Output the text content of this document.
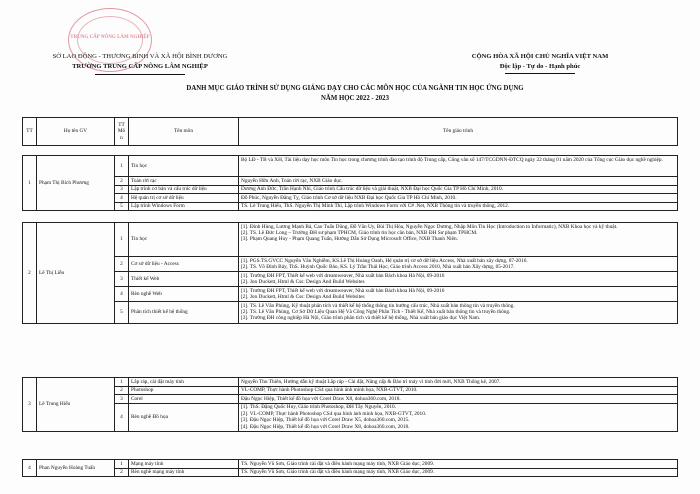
TRUNG CẤP NÔNG LÂM NGHIỆP
SỞ LAO ĐỘNG - THƯƠNG BINH VÀ XÃ HỘI BÌNH DƯƠNG
TRƯỜNG TRUNG CẤP NÔNG LÂM NGHIỆP
CỘNG HÒA XÃ HỘI CHỦ NGHĨA VIỆT NAM
Độc lập - Tự do - Hạnh phúc
DANH MỤC GIÁO TRÌNH SỬ DỤNG GIẢNG DẠY CHO CÁC MÔN HỌC CỦA NGÀNH TIN HỌC ỨNG DỤNG
NĂM HỌC 2022 - 2023
TT	Họ tên GV	TT Mô n	Tên môn	Tên giáo trình
1	Phạm Thị Bích Phương	1	Tin học	Bộ LĐ - TB và XH, Tài liệu dạy học môn Tin học trong chương trình đào tạo trình độ Trung cấp, Công văn số 147/TCGDNN-ĐTCQ ngày 22 tháng 01 năm 2020 của Tổng cục Giáo dục nghề nghiệp.
		2	Toán rời rạc	Nguyễn Hữu Anh, Toán rời rạc, NXB Giáo dục.
		3	Lập trình cơ bản và cấu trúc dữ liệu	Dương Anh Đức, Trần Hạnh Nhi, Giáo trình Cấu trúc dữ liệu và giải thuật, NXB Đại học Quốc Gia TP Hồ Chí Minh, 2010.
		4	Hệ quản trị cơ sở dữ liệu	Đỗ Phúc, Nguyễn Đăng Tỵ, Giáo trình Cơ sở dữ liệu NXB Đại học Quốc Gia TP Hồ Chí Minh, 2010.
		5	Lập trình Windows Form	TS. Lê Trung Hiếu, ThS. Nguyễn Thị Minh Thi, Lập trình Windows Form với C# .Net, NXB Thông tin và truyền thông, 2012.
2	Lê Thị Liễu	1	Tin học	[1]. Đinh Hùng, Lương Mạnh Bá, Cao Tuấn Dũng, Đỗ Văn Uy, Bùi Thị Hòa, Nguyễn Ngọc Dương, Nhập Môn Tin Học (Introduction to Informatic), NXB Khoa học và kỹ thuật.
[2]. TS. Lê Đức Long – Trường ĐH sư phạm TPHCM, Giáo trình tin học căn bản, NXB ĐH Sư phạm TPHCM.
[3]. Phạm Quang Huy - Phạm Quang Tuấn, Hướng Dẫn Sử Dụng Microsoft Office, NXB Thanh Niên.
		2	Cơ sở dữ liệu - Access	[1]. PGS.TS.GVCC Nguyễn Văn Nghiễm, KS.Lê Thị Hoàng Oanh, Hệ quản trị cơ sở dữ liệu Access, Nhà xuất bản xây dựng, 07-2016.
[2]. TS. Võ Đình Bảy, ThS. Huỳnh Quốc Bảo, KS. Lý Trần Thái Học, Giáo trình Access 2010, Nhà xuất bản Xây dựng, 05-2017.
		3	Thiết kế Web	[1]. Trường ĐH FPT, Thiết kế web với dreamweaver, Nhà xuất bản Bách khoa Hà Nội, 09-2016
[2]. Jon Duckett, Html & Css: Design And Build Websites
		4	Rèn nghề Web	[1]. Trường ĐH FPT, Thiết kế web với dreamweaver, Nhà xuất bản Bách khoa Hà Nội, 09-2016
[2]. Jon Duckett, Html & Css: Design And Build Websites
		5	Phân tích thiết kế hệ thống	[1]. TS. Lê Văn Phùng, Kỹ thuật phân tích và thiết kế hệ thống thông tin hướng cấu trúc, Nhà xuất bản thông tin và truyền thông.
[2]. TS. Lê Văn Phùng, Cơ Sở Dữ Liệu Quan Hệ Và Công Nghệ Phân Tích - Thiết Kế, Nhà xuất bản thông tin và truyền thông.
[3]. Trường ĐH công nghiệp Hà Nội, Giáo trình phân tích và thiết kế hệ thống, Nhà xuất bản giáo dục Việt Nam.
3	Lê Trung Hiếu	1	Lắp ráp, cài đặt máy tính	Nguyễn Thu Thiên, Hướng dẫn kỹ thuật Lắp ráp - Cài đặt, Nâng cấp & Bảo trì máy vi tính đời mới, NXB Thống kê, 2007.
		2	Photoshop	VL-COMP, Thực hành Photoshop CS4 qua hình ảnh minh họa, NXB-GTVT, 2010.
		3	Corel	Đậu Ngọc Hiệp, Thiết kế đồ họa với Corel Draw X8, dohoa360.com, 2018.
		4	Rèn nghề Đồ họa	[1]. ThS. Đặng Quốc Huy, Giáo trình Photoshop, ĐH Tây Nguyên, 2010.
[2]. VL-COMP, Thực hành Photoshop CS4 qua hình ảnh minh họa, NXB-GTVT, 2010.
[3]. Đậu Ngọc Hiệp, Thiết kế đồ họa với Corel Draw X5, dohoa360.com, 2015.
[4]. Đậu Ngọc Hiệp, Thiết kế đồ họa với Corel Draw X8, dohoa360.com, 2018.
4	Phan Nguyễn Hoàng Tuấn	1	Mạng máy tính	TS. Nguyễn Vũ Sơn, Giáo trình cài đặt và điều hành mạng máy tính, NXB Giáo dục, 2009.
		2	Rèn nghề mạng máy tính	TS. Nguyễn Vũ Sơn, Giáo trình cài đặt và điều hành mạng máy tính, NXB Giáo dục, 2009.
